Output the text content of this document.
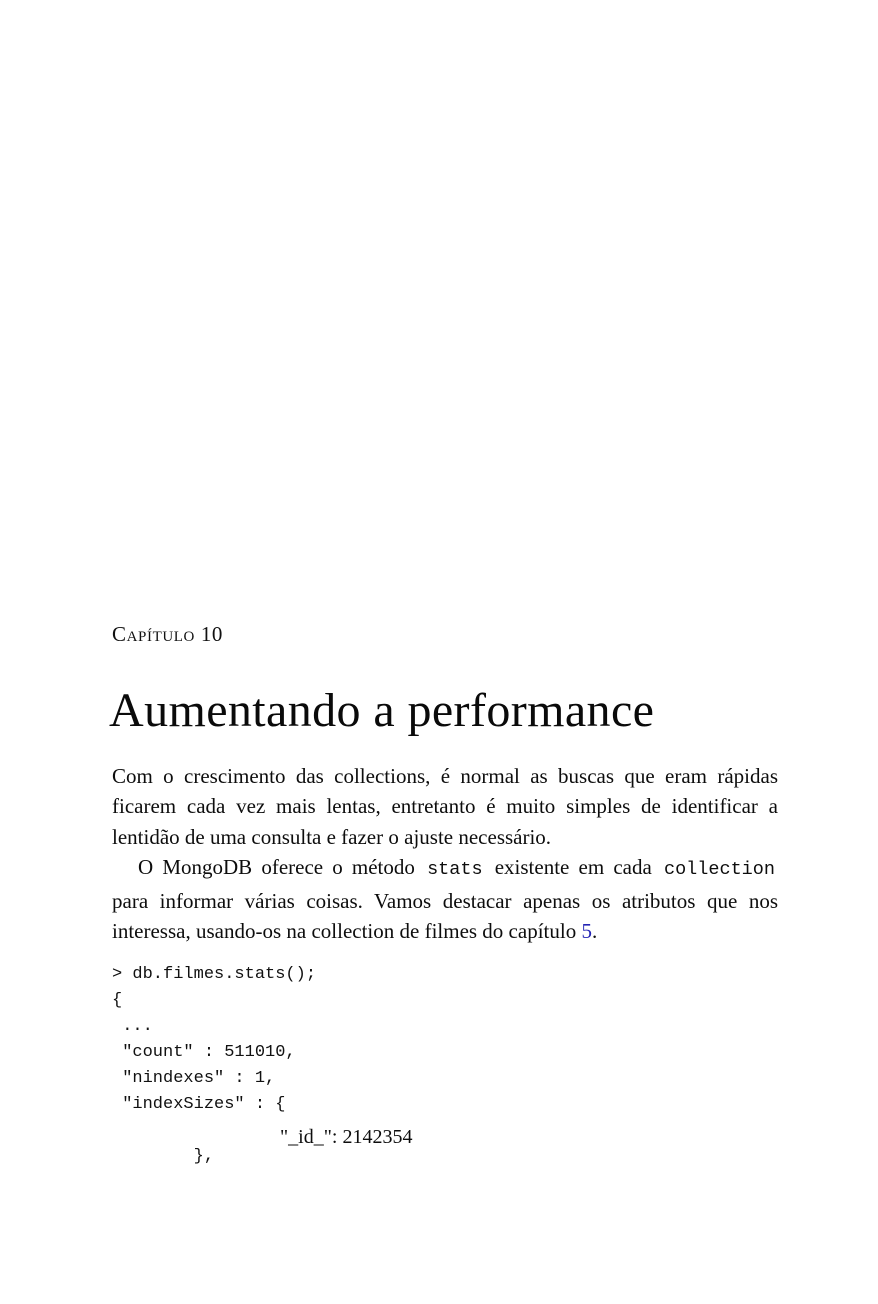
Capítulo 10
Aumentando a performance

Com o crescimento das collections, é normal as buscas que eram rápidas ficarem cada vez mais lentas, entretanto é muito simples de identificar a lentidão de uma consulta e fazer o ajuste necessário.

O MongoDB oferece o método stats existente em cada collection para informar várias coisas. Vamos destacar apenas os atributos que nos interessa, usando-os na collection de filmes do capítulo 5.

> db.filmes.stats();
{
...
"count" : 511010,
"nindexes" : 1,
"indexSizes" : {
"_id_": 2142354
},
